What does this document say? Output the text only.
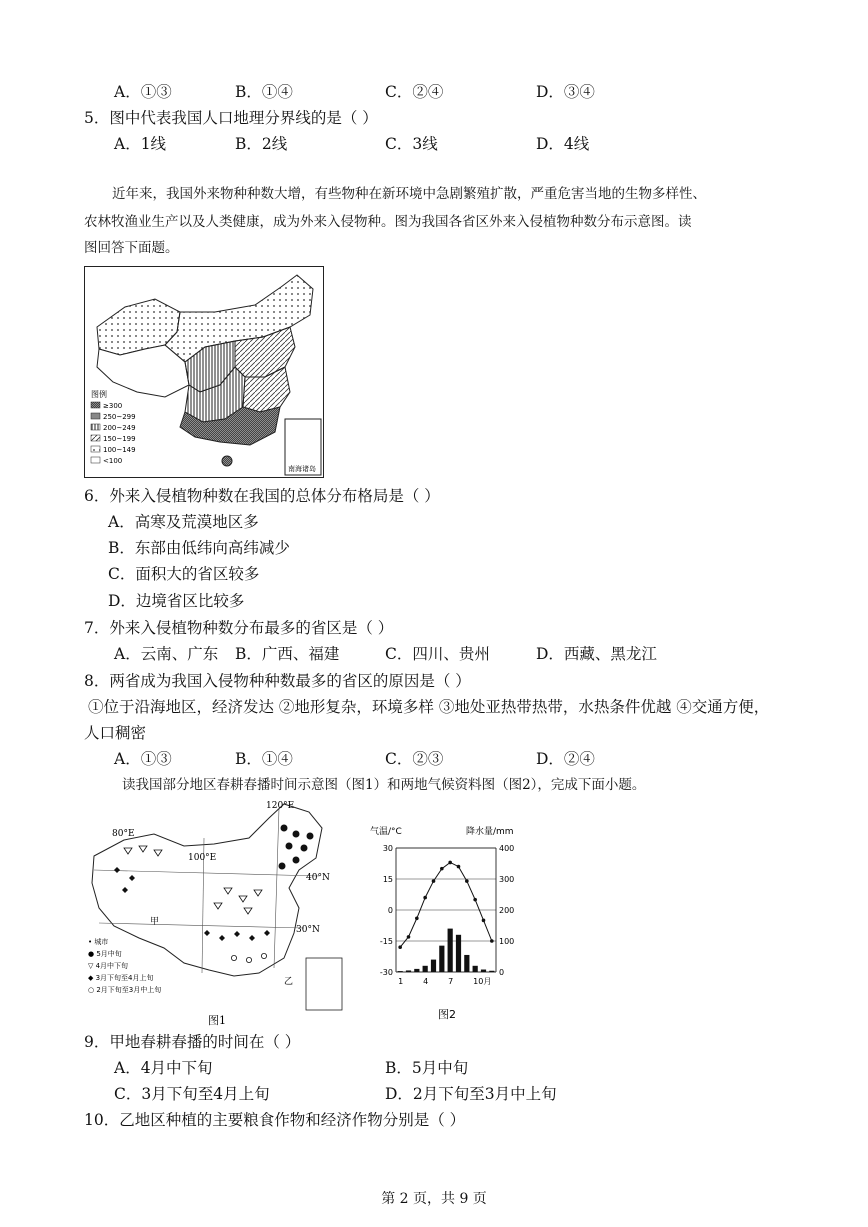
A．①③	B．①④	C．②④	D．③④
5．图中代表我国人口地理分界线的是（ ）
A．1线	B．2线	C．3线	D．4线
近年来，我国外来物种种数大增，有些物种在新环境中急剧繁殖扩散，严重危害当地的生物多样性、
农林牧渔业生产以及人类健康，成为外来入侵物种。图为我国各省区外来入侵植物种数分布示意图。读
图回答下面题。
南海诸岛
图例
≥300
250~299
200~249
150~199
100~149
<100
6．外来入侵植物种数在我国的总体分布格局是（ ）
A．高寒及荒漠地区多
B．东部由低纬向高纬减少
C．面积大的省区较多
D．边境省区比较多
7．外来入侵植物种数分布最多的省区是（ ）
A．云南、广东 B．广西、福建	C．四川、贵州	D．西藏、黑龙江
8．两省成为我国入侵物种种数最多的省区的原因是（ ）
①位于沿海地区，经济发达 ②地形复杂，环境多样 ③地处亚热带热带，水热条件优越 ④交通方便，
人口稠密
A．①③	B．①④	C．②③	D．②④
读我国部分地区春耕春播时间示意图（图1）和两地气候资料图（图2），完成下面小题。
120°E
80°E
100°E
40°N
30°N
甲
乙
• 城市
● 5月中旬
▽ 4月中下旬
◆ 3月下旬至4月上旬
○ 2月下旬至3月中上旬
图1
气温/°C	降水量/mm
30	400
15	300
0	200
-15	100
-30	0
1 4 7 10月
图2
9．甲地春耕春播的时间在（ ）
A．4月中下旬	B．5月中旬
C．3月下旬至4月上旬	D．2月下旬至3月中上旬
10．乙地区种植的主要粮食作物和经济作物分别是（ ）
第 2 页，共 9 页
